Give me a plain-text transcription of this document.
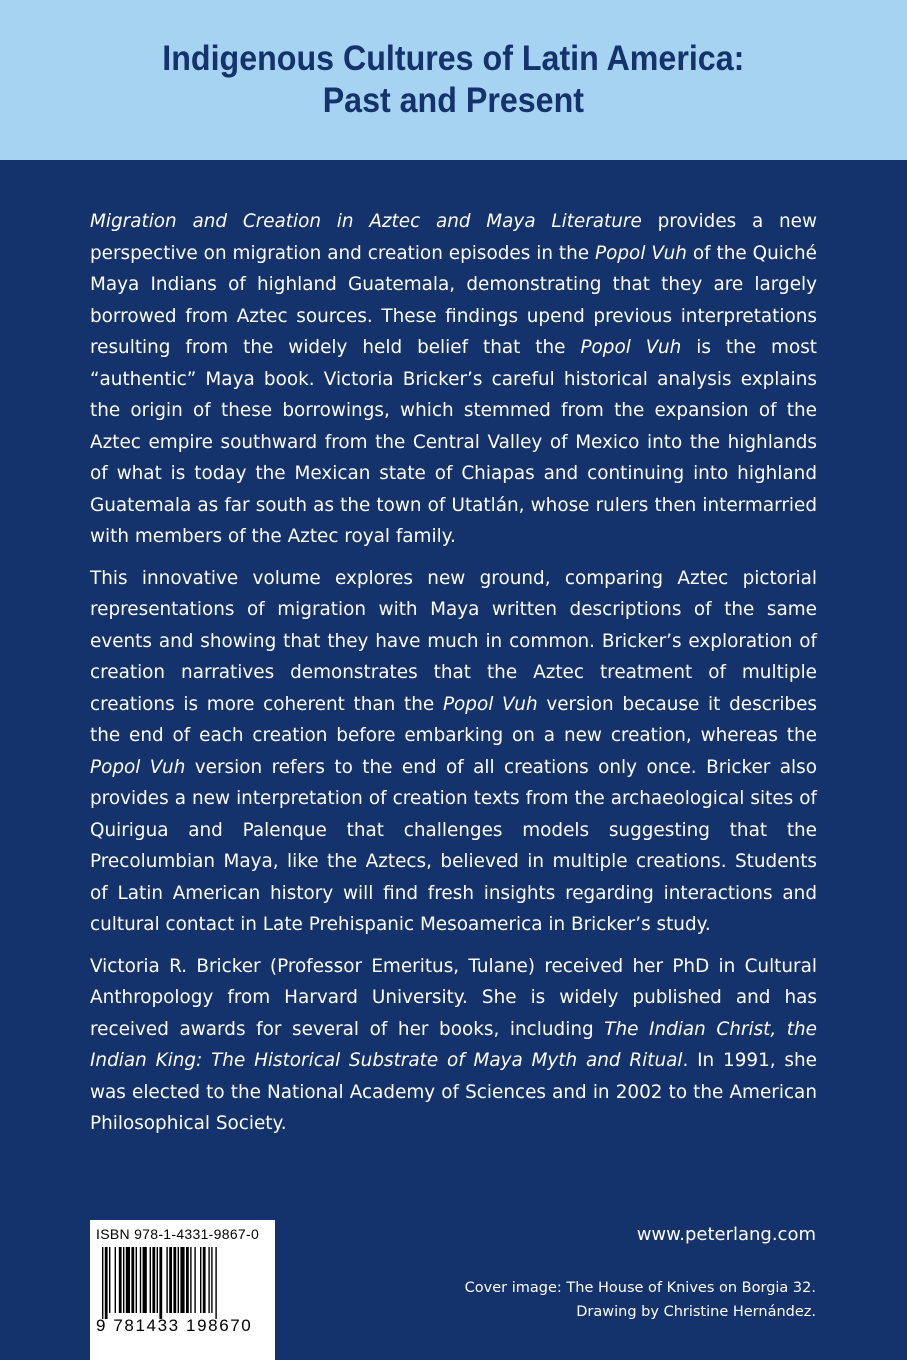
Indigenous Cultures of Latin America:
Past and Present

Migration and Creation in Aztec and Maya Literature provides a new perspective on migration and creation episodes in the Popol Vuh of the Quiché Maya Indians of highland Guatemala, demonstrating that they are largely borrowed from Aztec sources. These findings upend previous interpretations resulting from the widely held belief that the Popol Vuh is the most “authentic” Maya book. Victoria Bricker’s careful historical analysis explains the origin of these borrowings, which stemmed from the expansion of the Aztec empire southward from the Central Valley of Mexico into the highlands of what is today the Mexican state of Chiapas and continuing into highland Guatemala as far south as the town of Utatlán, whose rulers then intermarried with members of the Aztec royal family.

This innovative volume explores new ground, comparing Aztec pictorial representations of migration with Maya written descriptions of the same events and showing that they have much in common. Bricker’s exploration of creation narratives demonstrates that the Aztec treatment of multiple creations is more coherent than the Popol Vuh version because it describes the end of each creation before embarking on a new creation, whereas the Popol Vuh version refers to the end of all creations only once. Bricker also provides a new interpretation of creation texts from the archaeological sites of Quirigua and Palenque that challenges models suggesting that the Precolumbian Maya, like the Aztecs, believed in multiple creations. Students of Latin American history will find fresh insights regarding interactions and cultural contact in Late Prehispanic Mesoamerica in Bricker’s study.

Victoria R. Bricker (Professor Emeritus, Tulane) received her PhD in Cultural Anthropology from Harvard University. She is widely published and has received awards for several of her books, including The Indian Christ, the Indian King: The Historical Substrate of Maya Myth and Ritual. In 1991, she was elected to the National Academy of Sciences and in 2002 to the American Philosophical Society.

ISBN 978-1-4331-9867-0
9 781433 198670
www.peterlang.com
Cover image: The House of Knives on Borgia 32.
Drawing by Christine Hernández.
